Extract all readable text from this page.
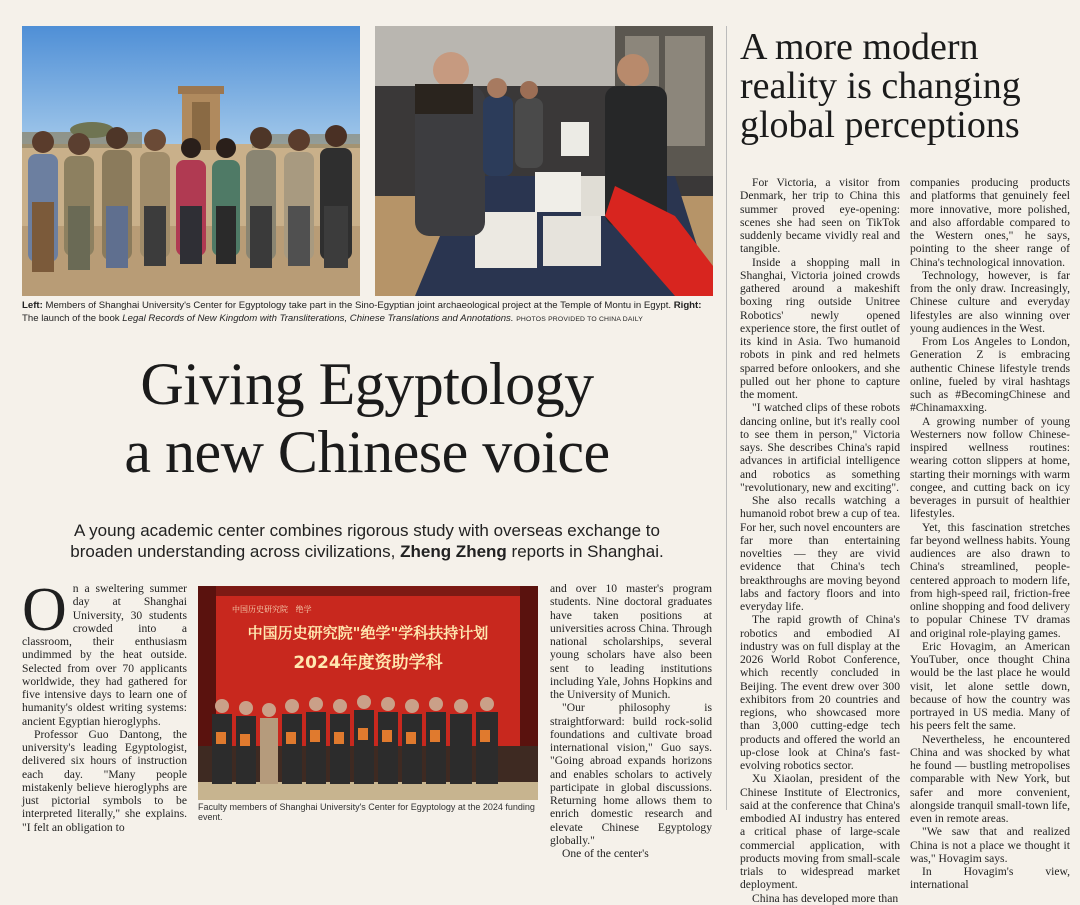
Left: Members of Shanghai University's Center for Egyptology take part in the Sino-Egyptian joint archaeological project at the Temple of Montu in Egypt. Right: The launch of the book Legal Records of New Kingdom with Transliterations, Chinese Translations and Annotations. PHOTOS PROVIDED TO CHINA DAILY
Giving Egyptology
a new Chinese voice
A young academic center combines rigorous study with overseas exchange to
broaden understanding across civilizations, Zheng Zheng reports in Shanghai.

On a sweltering summer day at Shanghai University, 30 students crowded into a classroom, their enthusiasm undimmed by the heat outside. Selected from over 70 applicants worldwide, they had gathered for five intensive days to learn one of humanity's oldest writing systems: ancient Egyptian hieroglyphs.

Professor Guo Dantong, the university's leading Egyptologist, delivered six hours of instruction each day. "Many people mistakenly believe hieroglyphs are just pictorial symbols to be interpreted literally," she explains. "I felt an obligation to

中国历史研究院 绝学
中国历史研究院"绝学"学科扶持计划
2024年度资助学科
Faculty members of Shanghai University's Center for Egyptology at the 2024 funding event.

and over 10 master's program students. Nine doctoral graduates have taken positions at universities across China. Through national scholarships, several young scholars have also been sent to leading institutions including Yale, Johns Hopkins and the University of Munich.

"Our philosophy is straightforward: build rock-solid foundations and cultivate broad international vision," Guo says. "Going abroad expands horizons and enables scholars to actively participate in global discussions. Returning home allows them to enrich domestic research and elevate Chinese Egyptology globally."

One of the center's

A more modern
reality is changing
global perceptions

For Victoria, a visitor from Denmark, her trip to China this summer proved eye-opening: scenes she had seen on TikTok suddenly became vividly real and tangible.

Inside a shopping mall in Shanghai, Victoria joined crowds gathered around a makeshift boxing ring outside Unitree Robotics' newly opened experience store, the first outlet of its kind in Asia. Two humanoid robots in pink and red helmets sparred before onlookers, and she pulled out her phone to capture the moment.

"I watched clips of these robots dancing online, but it's really cool to see them in person," Victoria says. She describes China's rapid advances in artificial intelligence and robotics as something "revolutionary, new and exciting".

She also recalls watching a humanoid robot brew a cup of tea. For her, such novel encounters are far more than entertaining novelties — they are vivid evidence that China's tech breakthroughs are moving beyond labs and factory floors and into everyday life.

The rapid growth of China's robotics and embodied AI industry was on full display at the 2026 World Robot Conference, which recently concluded in Beijing. The event drew over 300 exhibitors from 20 countries and regions, who showcased more than 3,000 cutting-edge tech products and offered the world an up-close look at China's fast-evolving robotics sector.

Xu Xiaolan, president of the Chinese Institute of Electronics, said at the conference that China's embodied AI industry has entered a critical phase of large-scale commercial application, with products moving from small-scale trials to widespread market deployment.

China has developed more than

companies producing products and platforms that genuinely feel more innovative, more polished, and also affordable compared to the Western ones," he says, pointing to the sheer range of China's technological innovation.

Technology, however, is far from the only draw. Increasingly, Chinese culture and everyday lifestyles are also winning over young audiences in the West.

From Los Angeles to London, Generation Z is embracing authentic Chinese lifestyle trends online, fueled by viral hashtags such as #BecomingChinese and #Chinamaxxing.

A growing number of young Westerners now follow Chinese-inspired wellness routines: wearing cotton slippers at home, starting their mornings with warm congee, and cutting back on icy beverages in pursuit of healthier lifestyles.

Yet, this fascination stretches far beyond wellness habits. Young audiences are also drawn to China's streamlined, people-centered approach to modern life, from high-speed rail, friction-free online shopping and food delivery to popular Chinese TV dramas and original role-playing games.

Eric Hovagim, an American YouTuber, once thought China would be the last place he would visit, let alone settle down, because of how the country was portrayed in US media. Many of his peers felt the same.

Nevertheless, he encountered China and was shocked by what he found — bustling metropolises comparable with New York, but safer and more convenient, alongside tranquil small-town life, even in remote areas.

"We saw that and realized China is not a place we thought it was," Hovagim says.

In Hovagim's view, international
